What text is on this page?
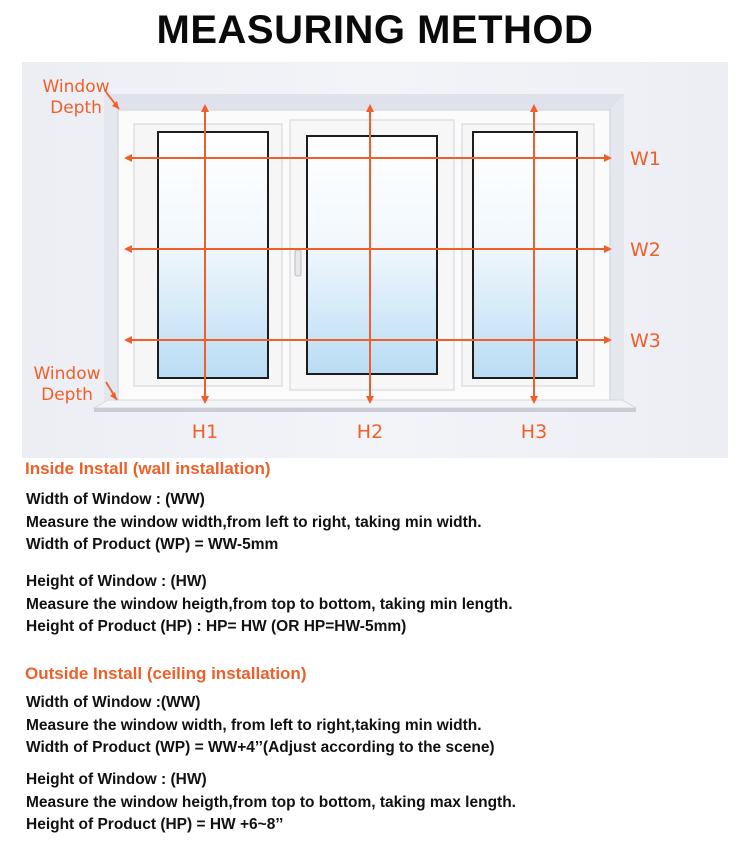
MEASURING METHOD
Window
Depth
Window
Depth
W1
W2
W3
H1	H2	H3
Inside Install (wall installation)
Width of Window : (WW)
Measure the window width,from left to right, taking min width.
Width of Product (WP) = WW-5mm
Height of Window : (HW)
Measure the window heigth,from top to bottom, taking min length.
Height of Product (HP) : HP= HW (OR HP=HW-5mm)
Outside Install (ceiling installation)
Width of Window :(WW)
Measure the window width, from left to right,taking min width.
Width of Product (WP) = WW+4’’(Adjust according to the scene)
Height of Window : (HW)
Measure the window heigth,from top to bottom, taking max length.
Height of Product (HP) = HW +6~8’’
